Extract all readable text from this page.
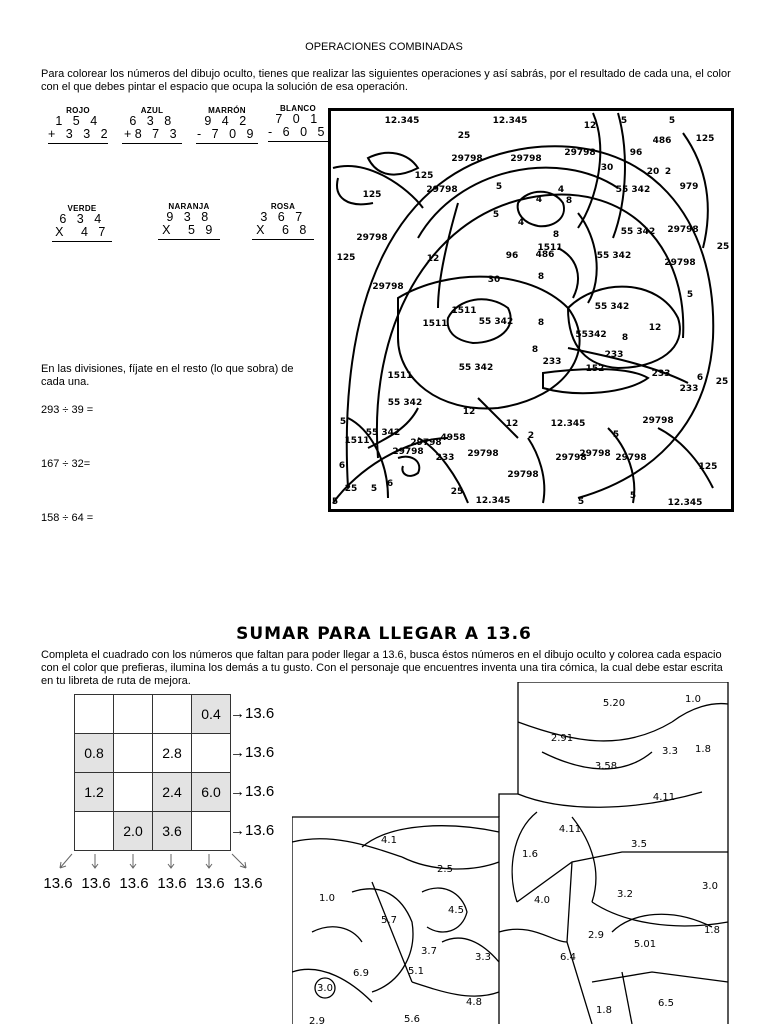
OPERACIONES COMBINADAS
Para colorear los números del dibujo oculto, tienes que realizar las siguientes operaciones y así sabrás, por el resultado de cada una, el color con el que debes pintar el espacio que ocupa la solución de esa operación.
ROJO
1 5 4
+ 3 3 2
AZUL
6 3 8
+8 7 3
MARRÓN
9 4 2
- 7 0 9
BLANCO
7 0 1
- 6 0 5
VERDE
6 3 4
X  4 7
NARANJA
9 3 8
X  5 9
ROSA
3 6 7
X  6 8
En las divisiones, fíjate en el resto (lo que sobra) de cada una.
293 ÷ 39 =
167 ÷ 32=
158 ÷ 64 =
12.345
25
12.345	12	5	5
486	125
96
29798	29798
29798
20 2
125	29798
30
55 342	979
125
5
8
4
5
4
29798
4
8	55 342 29798
125	12
1511
55 342
96 486
25
29798
30	8
29798
5
55 342
1511
1511	55 342	8
55342 8
12
8
55 342
233
233
1511
152	233	6
233
25
55 342
5
12
12	12.345	29798
1511
55 342
29798
2
4958	5
29798	29798
233	29798
6
29798
125
25 5 6
25
12.345	5
5
12.345
29798
29798
5
SUMAR PARA LLEGAR A 13.6
Completa el cuadrado con los números que faltan para poder llegar a 13.6, busca éstos números en el dibujo oculto y colorea cada espacio con el color que prefieras, ilumina los demás a tu gusto. Con el personaje que encuentres inventa una tira cómica, la cual debe estar escrita en tu libreta de ruta de mejora.
			0.4
0.8		2.8	
1.2		2.4	6.0
	2.0	3.6	
→13.6
→13.6
→13.6
→13.6
13.6 13.6 13.6 13.6 13.6 13.6
5.20	1.0
2.91
3.3 1.8
3.58
4.11
4.11
4.1	3.5
1.6
2.5
3.0
1.0	4.0
3.2
4.5
5.7
2.9
5.01
1.8
3.7
3.3	6.4
5.1
6.9
3.0
4.8
1.8
6.5
2.9	5.6
